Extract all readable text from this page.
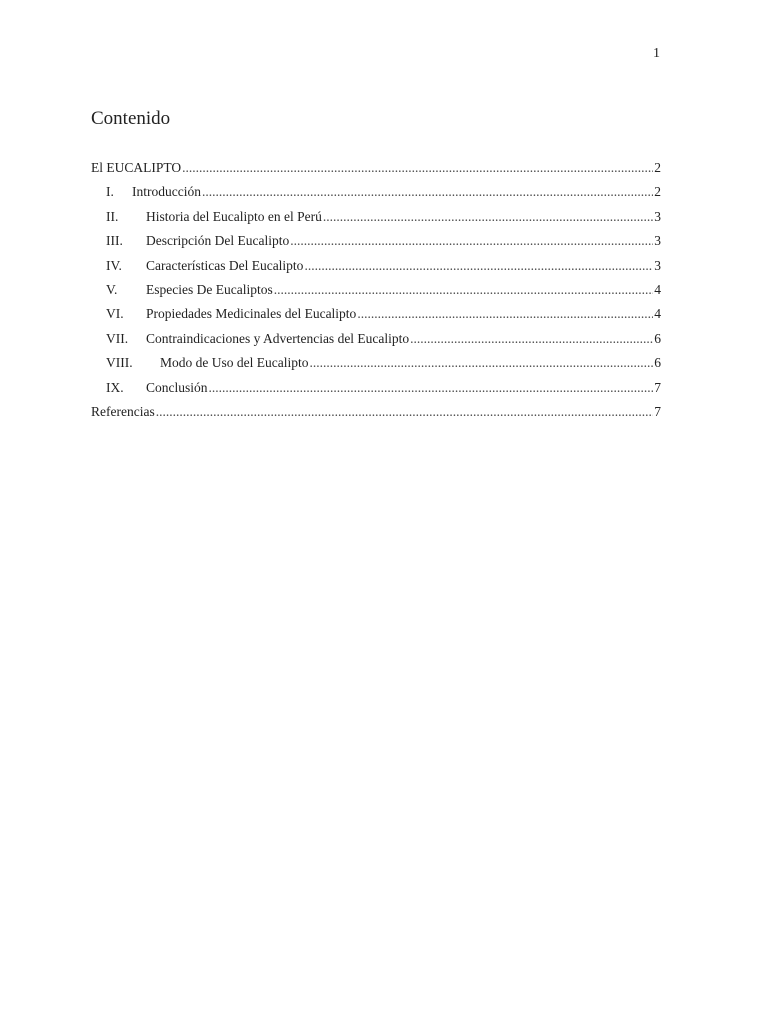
1
Contenido
El EUCALIPTO .....	2
I.	Introducción .....	2
II.	Historia del Eucalipto en el Perú .....	3
III.	Descripción Del Eucalipto .....	3
IV.	Características Del Eucalipto .....	3
V.	Especies De Eucaliptos .....	4
VI.	Propiedades Medicinales del Eucalipto .....	4
VII.	Contraindicaciones y Advertencias del Eucalipto .....	6
VIII.	Modo de Uso del Eucalipto .....	6
IX.	Conclusión .....	7
Referencias .....	7
